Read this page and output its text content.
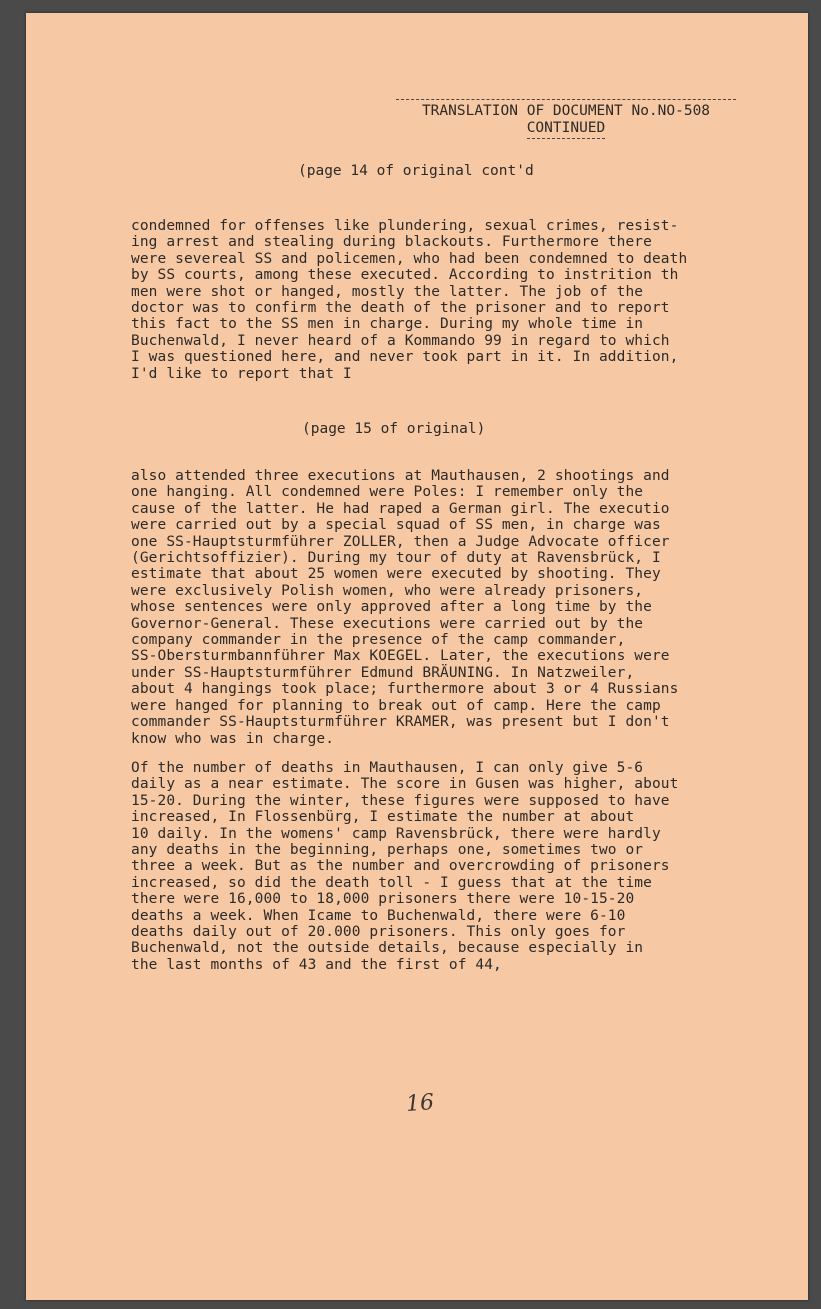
TRANSLATION OF DOCUMENT No.NO-508
CONTINUED
(page 14 of original cont'd
condemned for offenses like plundering, sexual crimes, resist-
ing arrest and stealing during blackouts. Furthermore there
were severeal SS and policemen, who had been condemned to death
by SS courts, among these executed. According to instrition th
men were shot or hanged, mostly the latter. The job of the
doctor was to confirm the death of the prisoner and to report
this fact to the SS men in charge. During my whole time in
Buchenwald, I never heard of a Kommando 99 in regard to which
I was questioned here, and never took part in it. In addition,
I'd like to report that I
(page 15 of original)
also attended three executions at Mauthausen, 2 shootings and
one hanging. All condemned were Poles: I remember only the
cause of the latter. He had raped a German girl. The executio
were carried out by a special squad of SS men, in charge was
one SS-Hauptsturmführer ZOLLER, then a Judge Advocate officer
(Gerichtsoffizier). During my tour of duty at Ravensbrück, I
estimate that about 25 women were executed by shooting. They
were exclusively Polish women, who were already prisoners,
whose sentences were only approved after a long time by the
Governor-General. These executions were carried out by the
company commander in the presence of the camp commander,
SS-Obersturmbannführer Max KOEGEL. Later, the executions were
under SS-Hauptsturmführer Edmund BRÄUNING. In Natzweiler,
about 4 hangings took place; furthermore about 3 or 4 Russians
were hanged for planning to break out of camp. Here the camp
commander SS-Hauptsturmführer KRAMER, was present but I don't
know who was in charge.
Of the number of deaths in Mauthausen, I can only give 5-6
daily as a near estimate. The score in Gusen was higher, about
15-20. During the winter, these figures were supposed to have
increased, In Flossenbürg, I estimate the number at about
10 daily. In the womens' camp Ravensbrück, there were hardly
any deaths in the beginning, perhaps one, sometimes two or
three a week. But as the number and overcrowding of prisoners
increased, so did the death toll - I guess that at the time
there were 16,000 to 18,000 prisoners there were 10-15-20
deaths a week. When Icame to Buchenwald, there were 6-10
deaths daily out of 20.000 prisoners. This only goes for
Buchenwald, not the outside details, because especially in
the last months of 43 and the first of 44,
16
